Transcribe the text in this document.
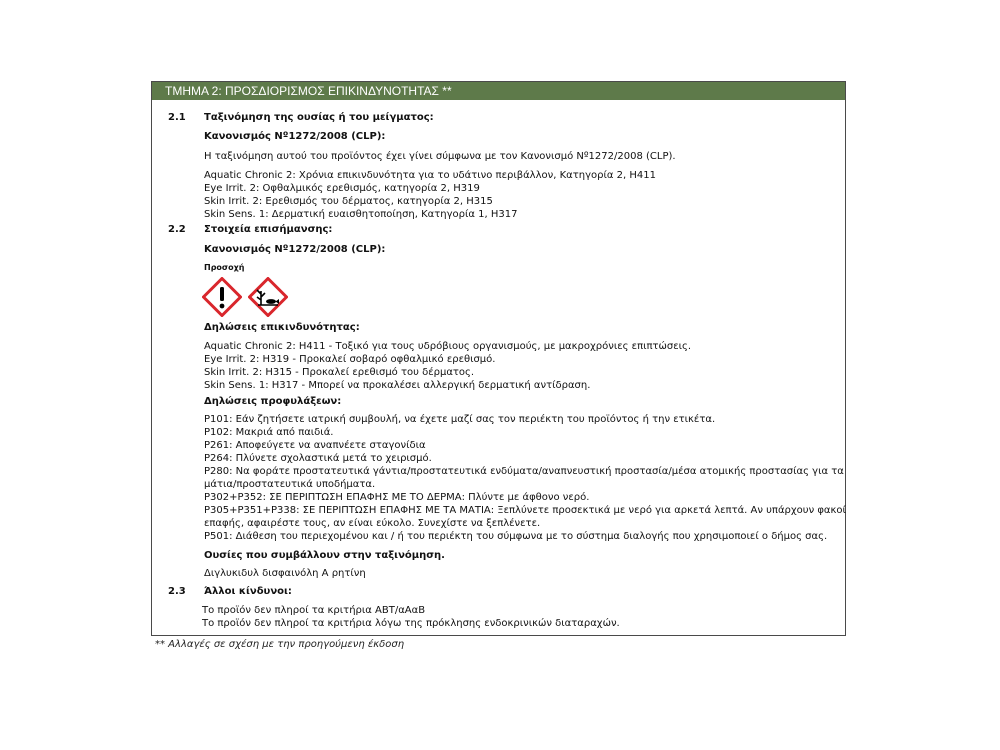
ΤΜΗΜΑ 2: ΠΡΟΣΔΙΟΡΙΣΜΟΣ ΕΠΙΚΙΝΔΥΝΟΤΗΤΑΣ **
2.1 Ταξινόμηση της ουσίας ή του μείγματος:
Κανονισμός Nº1272/2008 (CLP):
Η ταξινόμηση αυτού του προϊόντος έχει γίνει σύμφωνα με τον Κανονισμό Nº1272/2008 (CLP).
Aquatic Chronic 2: Χρόνια επικινδυνότητα για το υδάτινο περιβάλλον, Κατηγορία 2, H411
Eye Irrit. 2: Οφθαλμικός ερεθισμός, κατηγορία 2, H319
Skin Irrit. 2: Ερεθισμός του δέρματος, κατηγορία 2, H315
Skin Sens. 1: Δερματική ευαισθητοποίηση, Κατηγορία 1, H317
2.2 Στοιχεία επισήμανσης:
Κανονισμός Nº1272/2008 (CLP):
Προσοχή
Δηλώσεις επικινδυνότητας:
Aquatic Chronic 2: H411 - Τοξικό για τους υδρόβιους οργανισμούς, με μακροχρόνιες επιπτώσεις.
Eye Irrit. 2: H319 - Προκαλεί σοβαρό οφθαλμικό ερεθισμό.
Skin Irrit. 2: H315 - Προκαλεί ερεθισμό του δέρματος.
Skin Sens. 1: H317 - Μπορεί να προκαλέσει αλλεργική δερματική αντίδραση.
Δηλώσεις προφυλάξεων:
P101: Εάν ζητήσετε ιατρική συμβουλή, να έχετε μαζί σας τον περιέκτη του προϊόντος ή την ετικέτα.
P102: Μακριά από παιδιά.
P261: Αποφεύγετε να αναπνέετε σταγονίδια
P264: Πλύνετε σχολαστικά μετά το χειρισμό.
P280: Να φοράτε προστατευτικά γάντια/προστατευτικά ενδύματα/αναπνευστική προστασία/μέσα ατομικής προστασίας για τα
μάτια/προστατευτικά υποδήματα.
P302+P352: ΣΕ ΠΕΡΙΠΤΩΣΗ ΕΠΑΦΗΣ ΜΕ ΤΟ ΔΕΡΜΑ: Πλύντε με άφθονο νερό.
P305+P351+P338: ΣΕ ΠΕΡΙΠΤΩΣΗ ΕΠΑΦΗΣ ΜΕ ΤΑ ΜΑΤΙΑ: Ξεπλύνετε προσεκτικά με νερό για αρκετά λεπτά. Αν υπάρχουν φακοί
επαφής, αφαιρέστε τους, αν είναι εύκολο. Συνεχίστε να ξεπλένετε.
P501: Διάθεση του περιεχομένου και / ή του περιέκτη του σύμφωνα με το σύστημα διαλογής που χρησιμοποιεί ο δήμος σας.
Ουσίες που συμβάλλουν στην ταξινόμηση.
Διγλυκιδυλ δισφαινόλη Α ρητίνη
2.3 Άλλοι κίνδυνοι:
Το προϊόν δεν πληροί τα κριτήρια ΑΒΤ/αΑαΒ
Το προϊόν δεν πληροί τα κριτήρια λόγω της πρόκλησης ενδοκρινικών διαταραχών.
** Αλλαγές σε σχέση με την προηγούμενη έκδοση
